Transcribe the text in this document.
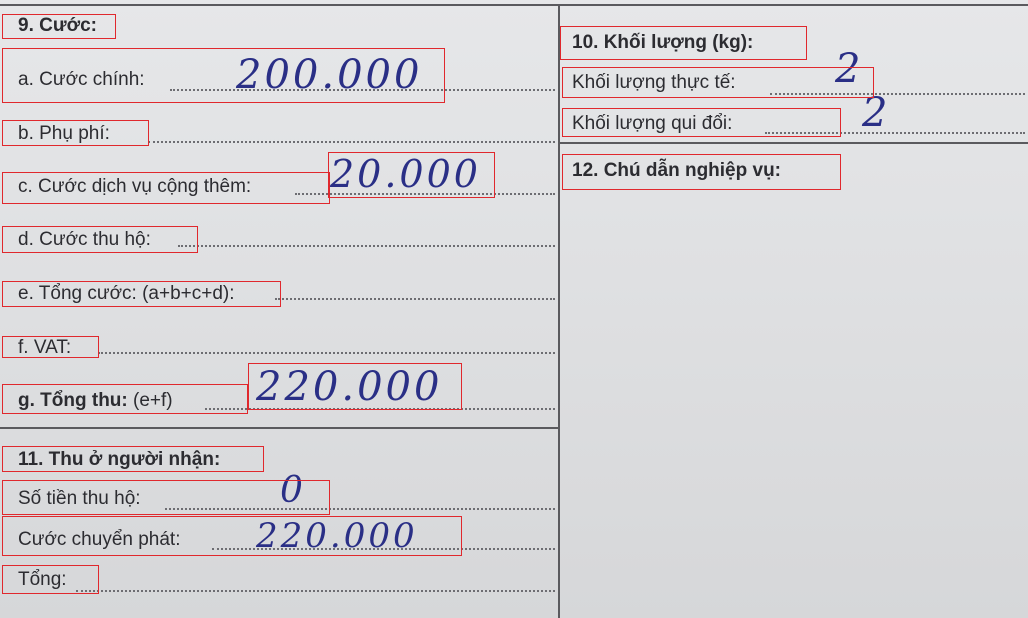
9. Cước:
a. Cước chính: 200.000
b. Phụ phí:
c. Cước dịch vụ cộng thêm: 20.000
d. Cước thu hộ:
e. Tổng cước: (a+b+c+d):
f. VAT:
g. Tổng thu: (e+f) 220.000
11. Thu ở người nhận:
Số tiền thu hộ:	0
Cước chuyển phát: 220.000
Tổng:
10. Khối lượng (kg):
Khối lượng thực tế: 2
Khối lượng qui đổi:	2
12. Chú dẫn nghiệp vụ:
